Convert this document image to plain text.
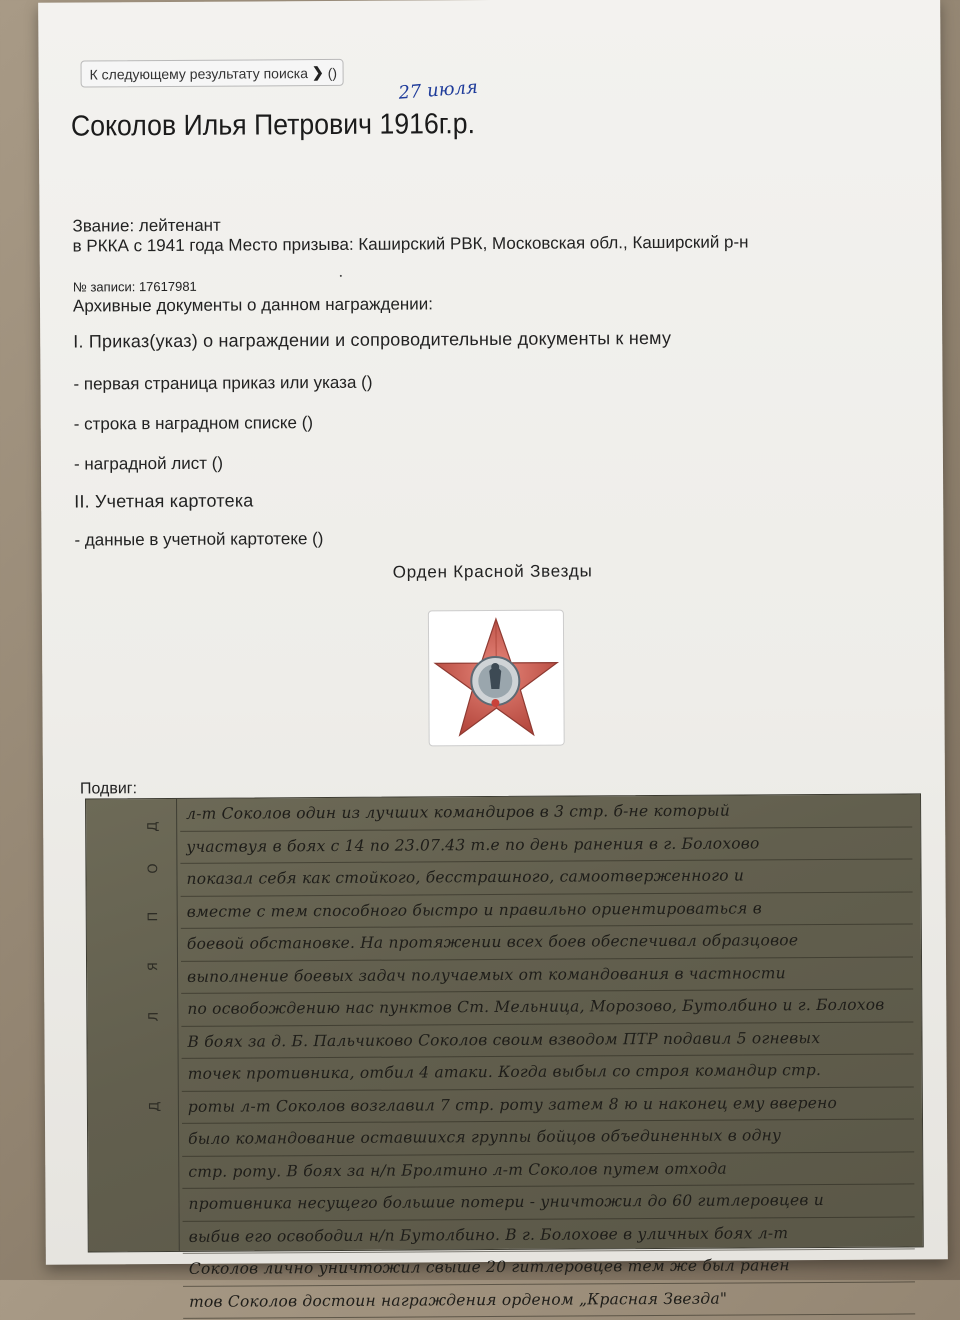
К следующему результату поиска ❯ ()
27 июля
Соколов Илья Петрович 1916г.р.
Звание: лейтенант
в РККА с 1941 года Место призыва: Каширский РВК, Московская обл., Каширский р-н
№ записи: 17617981
Архивные документы о данном награждении:
I. Приказ(указ) о награждении и сопроводительные документы к нему
- первая страница приказ или указа ()
- строка в наградном списке ()
- наградной лист ()
II. Учетная картотека
- данные в учетной картотеке ()
Орден Красной Звезды
Подвиг:
Д
О
П
Я
Л
Д
л-т Соколов один из лучших командиров в 3 стр. б-не который
участвуя в боях с 14 по 23.07.43 т.е по день ранения в г. Болохово
показал себя как стойкого, бесстрашного, самоотверженного и
вместе с тем способного быстро и правильно ориентироваться в
боевой обстановке. На протяжении всех боев обеспечивал образцовое
выполнение боевых задач получаемых от командования в частности
по освобождению нас пунктов Ст. Мельница, Морозово, Бутолбино и г. Болохов
В боях за д. Б. Пальчиково Соколов своим взводом ПТР подавил 5 огневых
точек противника, отбил 4 атаки. Когда выбыл со строя командир стр.
роты л-т Соколов возглавил 7 стр. роту затем 8 ю и наконец ему вверено
было командование оставшихся группы бойцов объединенных в одну
стр. роту. В боях за н/п Бролтино л-т Соколов путем отхода
противника несущего большие потери - уничтожил до 60 гитлеровцев и
выбив его освободил н/п Бутолбино. В г. Болохове в уличных боях л-т
Соколов лично уничтожил свыше 20 гитлеровцев тем же был ранен
тов Соколов достоин награждения орденом „Красная Звезда"
